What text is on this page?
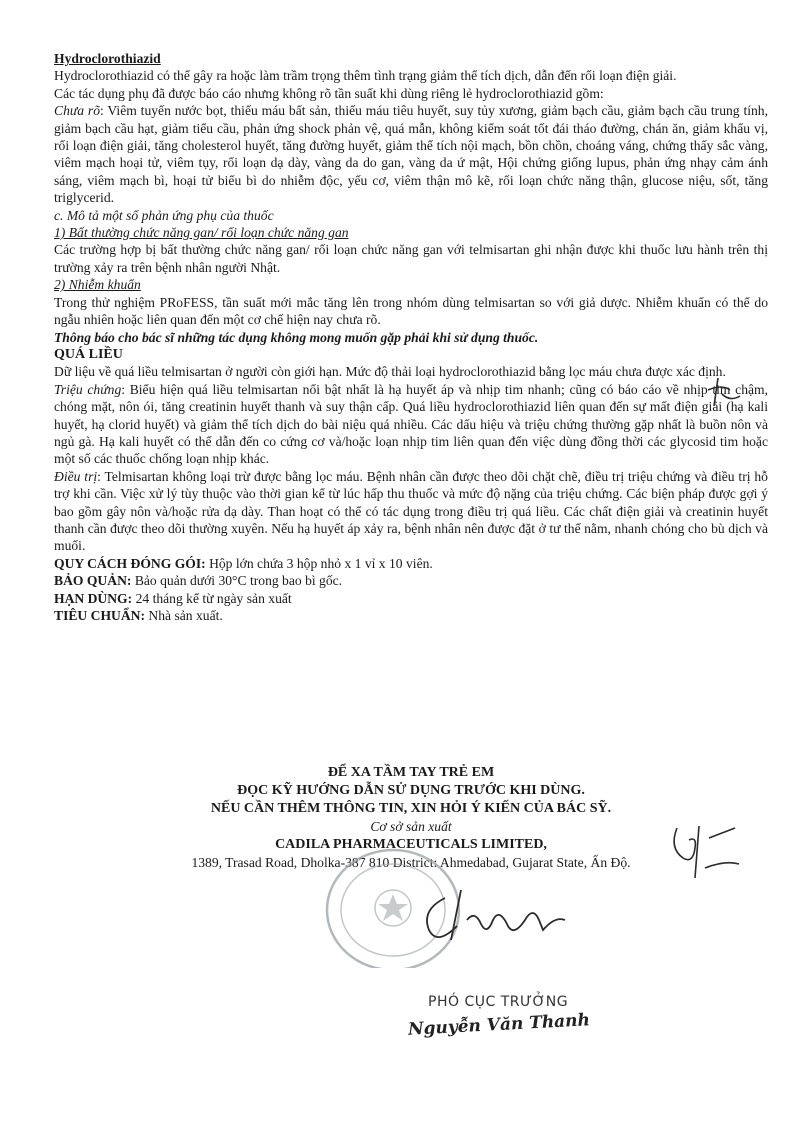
Hydroclorothiazid

Hydroclorothiazid có thể gây ra hoặc làm trầm trọng thêm tình trạng giảm thể tích dịch, dẫn đến rối loạn điện giải.

Các tác dụng phụ đã được báo cáo nhưng không rõ tần suất khi dùng riêng lẻ hydroclorothiazid gồm:

Chưa rõ: Viêm tuyến nước bọt, thiếu máu bất sản, thiếu máu tiêu huyết, suy tủy xương, giảm bạch cầu, giảm bạch cầu trung tính, giảm bạch cầu hạt, giảm tiểu cầu, phản ứng shock phản vệ, quá mẫn, không kiểm soát tốt đái tháo đường, chán ăn, giảm khẩu vị, rối loạn điện giải, tăng cholesterol huyết, tăng đường huyết, giảm thể tích nội mạch, bồn chồn, choáng váng, chứng thấy sắc vàng, viêm mạch hoại tử, viêm tụy, rối loạn dạ dày, vàng da do gan, vàng da ứ mật, Hội chứng giống lupus, phản ứng nhạy cảm ánh sáng, viêm mạch bì, hoại tử biểu bì do nhiễm độc, yếu cơ, viêm thận mô kẽ, rối loạn chức năng thận, glucose niệu, sốt, tăng triglycerid.

c. Mô tả một số phản ứng phụ của thuốc

1) Bất thường chức năng gan/ rối loạn chức năng gan

Các trường hợp bị bất thường chức năng gan/ rối loạn chức năng gan với telmisartan ghi nhận được khi thuốc lưu hành trên thị trường xảy ra trên bệnh nhân người Nhật.

2) Nhiễm khuẩn

Trong thử nghiệm PRoFESS, tần suất mới mắc tăng lên trong nhóm dùng telmisartan so với giả dược. Nhiễm khuẩn có thể do ngẫu nhiên hoặc liên quan đến một cơ chế hiện nay chưa rõ.

Thông báo cho bác sĩ những tác dụng không mong muốn gặp phải khi sử dụng thuốc.

QUÁ LIỀU

Dữ liệu về quá liều telmisartan ở người còn giới hạn. Mức độ thải loại hydroclorothiazid bằng lọc máu chưa được xác định.

Triệu chứng: Biểu hiện quá liều telmisartan nổi bật nhất là hạ huyết áp và nhịp tim nhanh; cũng có báo cáo về nhịp tim chậm, chóng mặt, nôn ói, tăng creatinin huyết thanh và suy thận cấp. Quá liều hydroclorothiazid liên quan đến sự mất điện giải (hạ kali huyết, hạ clorid huyết) và giảm thể tích dịch do bài niệu quá nhiều. Các dấu hiệu và triệu chứng thường gặp nhất là buồn nôn và ngủ gà. Hạ kali huyết có thể dẫn đến co cứng cơ và/hoặc loạn nhịp tim liên quan đến việc dùng đồng thời các glycosid tim hoặc một số các thuốc chống loạn nhịp khác.

Điều trị: Telmisartan không loại trừ được bằng lọc máu. Bệnh nhân cần được theo dõi chặt chẽ, điều trị triệu chứng và điều trị hỗ trợ khi cần. Việc xử lý tùy thuộc vào thời gian kể từ lúc hấp thu thuốc và mức độ nặng của triệu chứng. Các biện pháp được gợi ý bao gồm gây nôn và/hoặc rửa dạ dày. Than hoạt có thể có tác dụng trong điều trị quá liều. Các chất điện giải và creatinin huyết thanh cần được theo dõi thường xuyên. Nếu hạ huyết áp xảy ra, bệnh nhân nên được đặt ở tư thế nằm, nhanh chóng cho bù dịch và muối.

QUY CÁCH ĐÓNG GÓI: Hộp lớn chứa 3 hộp nhỏ x 1 vỉ x 10 viên.

BẢO QUẢN: Bảo quản dưới 30°C trong bao bì gốc.

HẠN DÙNG: 24 tháng kể từ ngày sản xuất

TIÊU CHUẨN: Nhà sản xuất.

ĐỂ XA TẦM TAY TRẺ EM
ĐỌC KỸ HƯỚNG DẪN SỬ DỤNG TRƯỚC KHI DÙNG.
NẾU CẦN THÊM THÔNG TIN, XIN HỎI Ý KIẾN CỦA BÁC SỸ.
Cơ sở sản xuất
CADILA PHARMACEUTICALS LIMITED,
1389, Trasad Road, Dholka-387 810 District: Ahmedabad, Gujarat State, Ấn Độ.
PHÓ CỤC TRƯỞNG
Nguyễn Văn Thanh
